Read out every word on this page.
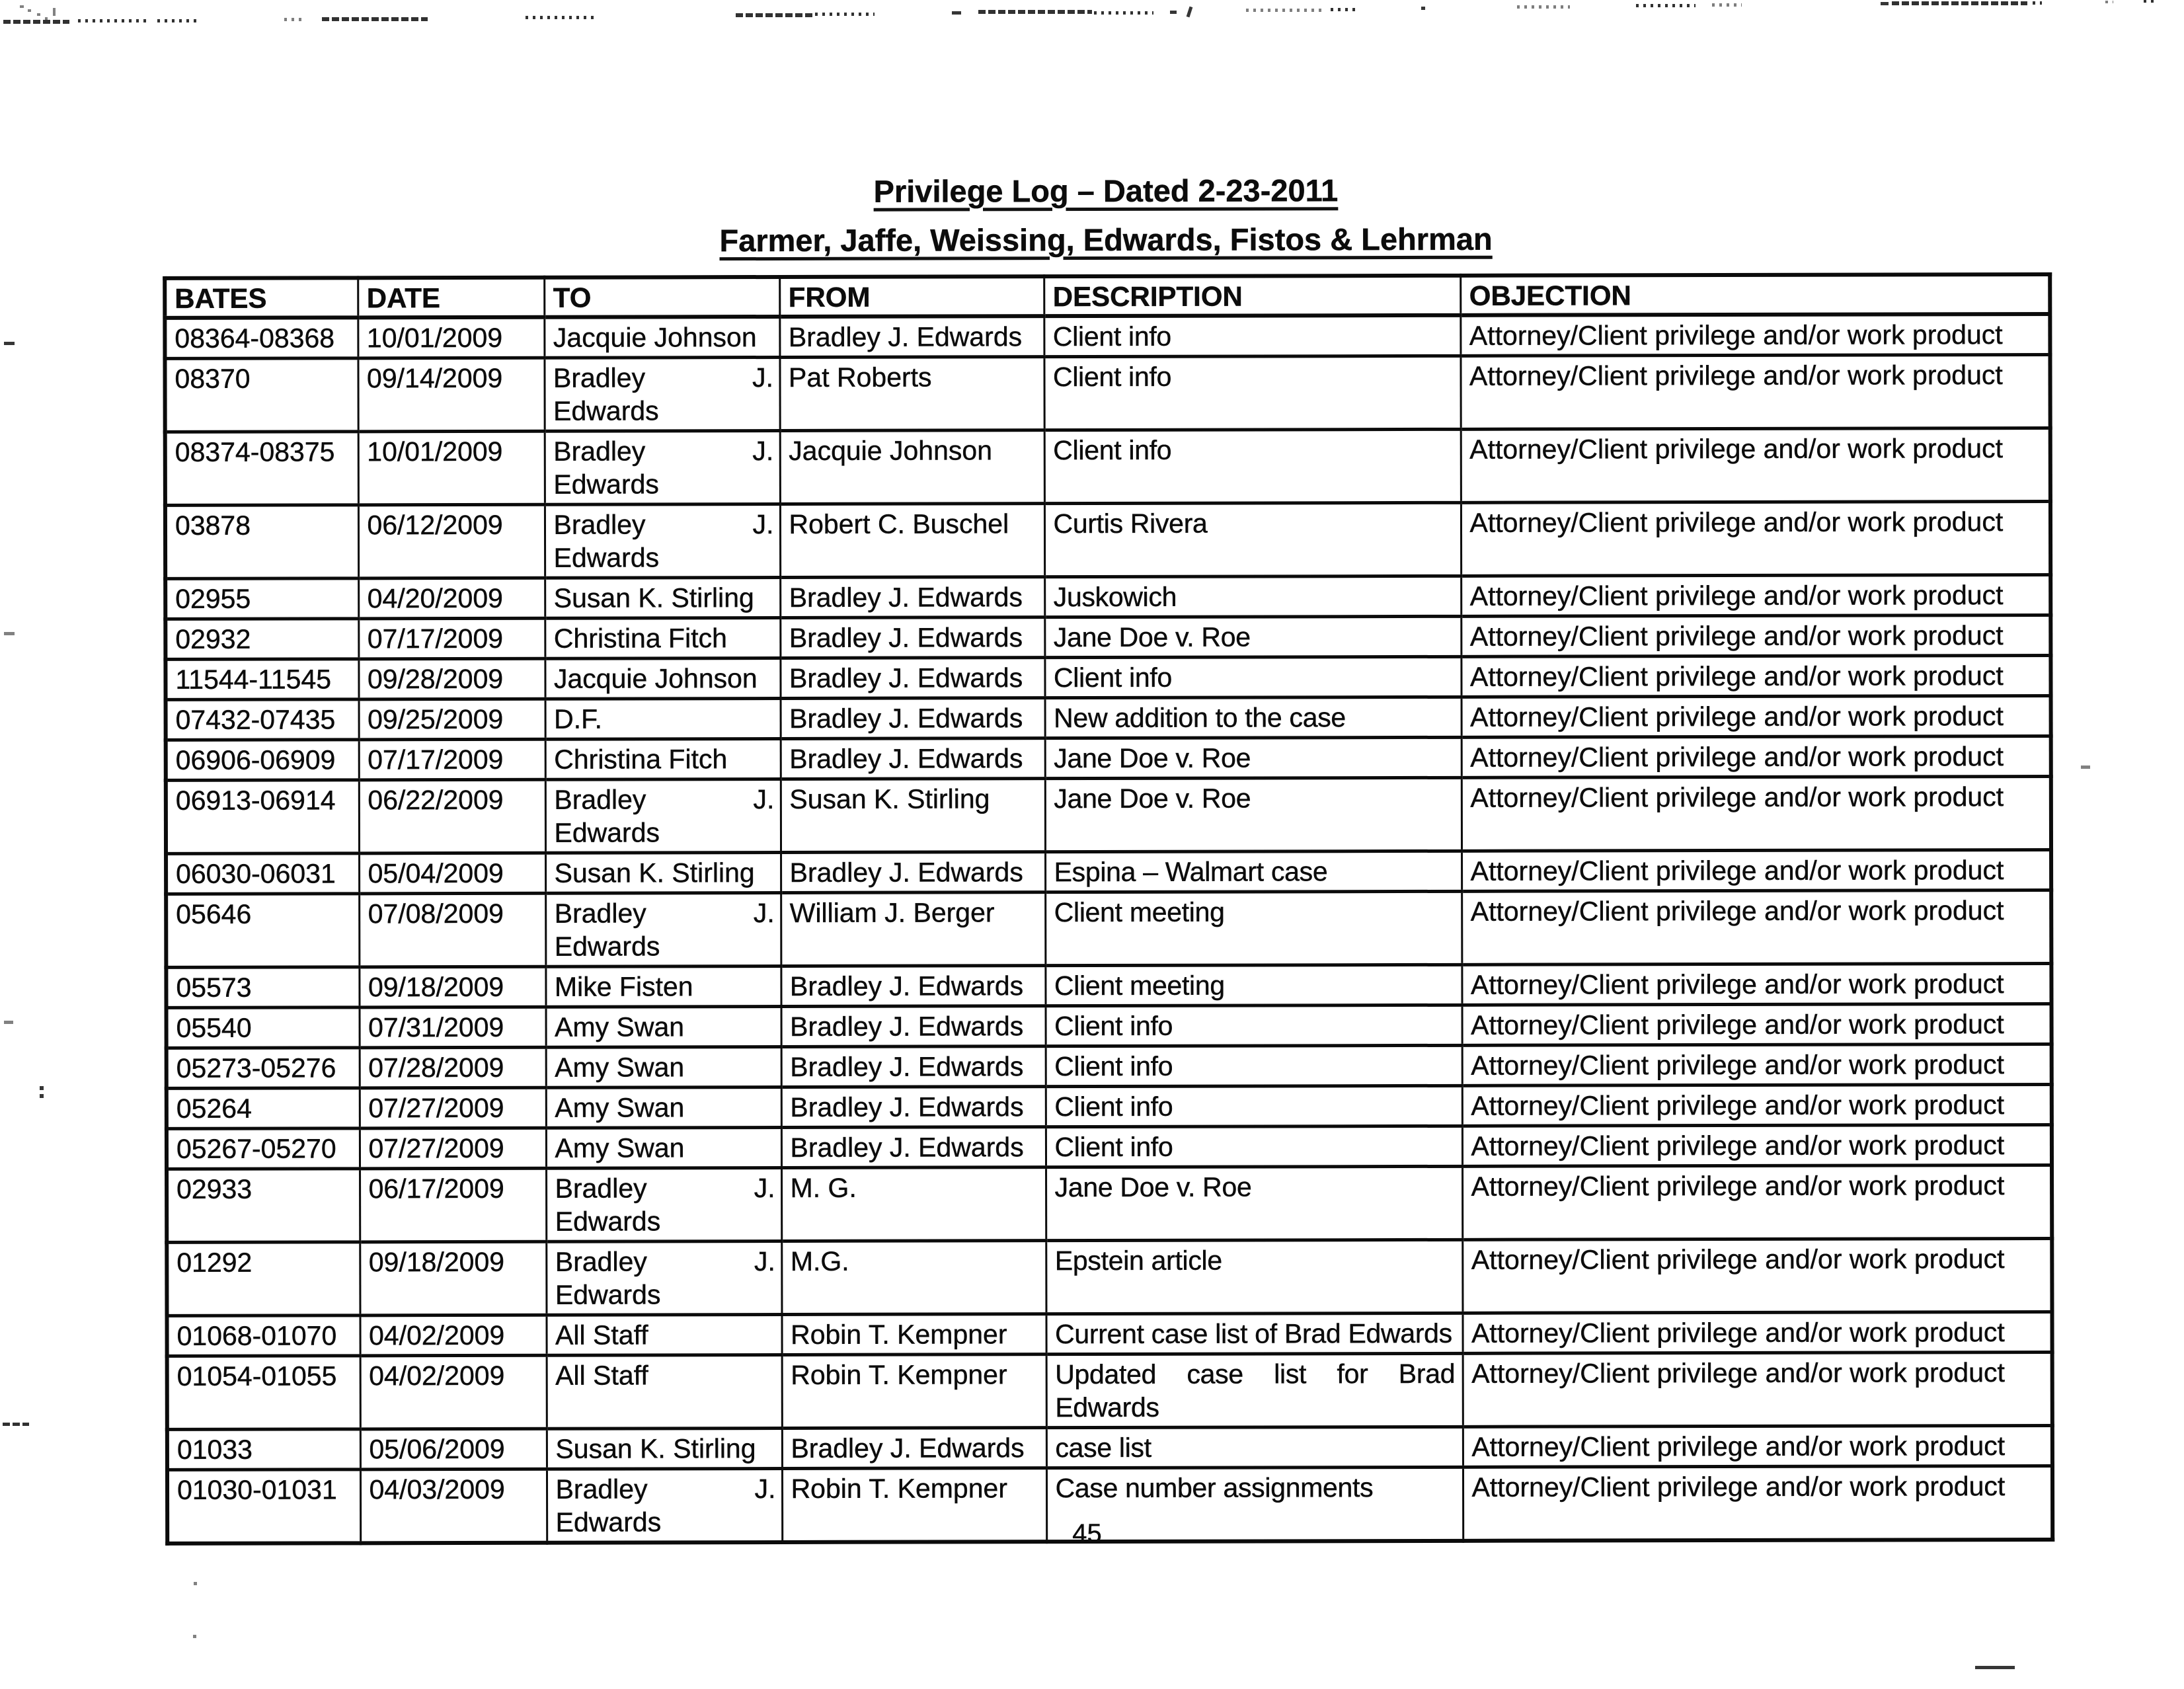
Privilege Log – Dated 2-23-2011
Farmer, Jaffe, Weissing, Edwards, Fistos & Lehrman
BATES	DATE	TO	FROM	DESCRIPTION	OBJECTION
08364-08368	10/01/2009	Jacquie Johnson	Bradley J. Edwards	Client info	Attorney/Client privilege and/or work product
08370	09/14/2009	Bradley J. Edwards	Pat Roberts	Client info	Attorney/Client privilege and/or work product
08374-08375	10/01/2009	Bradley J. Edwards	Jacquie Johnson	Client info	Attorney/Client privilege and/or work product
03878	06/12/2009	Bradley J. Edwards	Robert C. Buschel	Curtis Rivera	Attorney/Client privilege and/or work product
02955	04/20/2009	Susan K. Stirling	Bradley J. Edwards	Juskowich	Attorney/Client privilege and/or work product
02932	07/17/2009	Christina Fitch	Bradley J. Edwards	Jane Doe v. Roe	Attorney/Client privilege and/or work product
11544-11545	09/28/2009	Jacquie Johnson	Bradley J. Edwards	Client info	Attorney/Client privilege and/or work product
07432-07435	09/25/2009	D.F.	Bradley J. Edwards	New addition to the case	Attorney/Client privilege and/or work product
06906-06909	07/17/2009	Christina Fitch	Bradley J. Edwards	Jane Doe v. Roe	Attorney/Client privilege and/or work product
06913-06914	06/22/2009	Bradley J. Edwards	Susan K. Stirling	Jane Doe v. Roe	Attorney/Client privilege and/or work product
06030-06031	05/04/2009	Susan K. Stirling	Bradley J. Edwards	Espina – Walmart case	Attorney/Client privilege and/or work product
05646	07/08/2009	Bradley J. Edwards	William J. Berger	Client meeting	Attorney/Client privilege and/or work product
05573	09/18/2009	Mike Fisten	Bradley J. Edwards	Client meeting	Attorney/Client privilege and/or work product
05540	07/31/2009	Amy Swan	Bradley J. Edwards	Client info	Attorney/Client privilege and/or work product
05273-05276	07/28/2009	Amy Swan	Bradley J. Edwards	Client info	Attorney/Client privilege and/or work product
05264	07/27/2009	Amy Swan	Bradley J. Edwards	Client info	Attorney/Client privilege and/or work product
05267-05270	07/27/2009	Amy Swan	Bradley J. Edwards	Client info	Attorney/Client privilege and/or work product
02933	06/17/2009	Bradley J. Edwards	M. G.	Jane Doe v. Roe	Attorney/Client privilege and/or work product
01292	09/18/2009	Bradley J. Edwards	M.G.	Epstein article	Attorney/Client privilege and/or work product
01068-01070	04/02/2009	All Staff	Robin T. Kempner	Current case list of Brad Edwards	Attorney/Client privilege and/or work product
01054-01055	04/02/2009	All Staff	Robin T. Kempner	Updated case list for Brad Edwards	Attorney/Client privilege and/or work product
01033	05/06/2009	Susan K. Stirling	Bradley J. Edwards	case list	Attorney/Client privilege and/or work product
01030-01031	04/03/2009	Bradley J. Edwards	Robin T. Kempner	Case number assignments	Attorney/Client privilege and/or work product
45
